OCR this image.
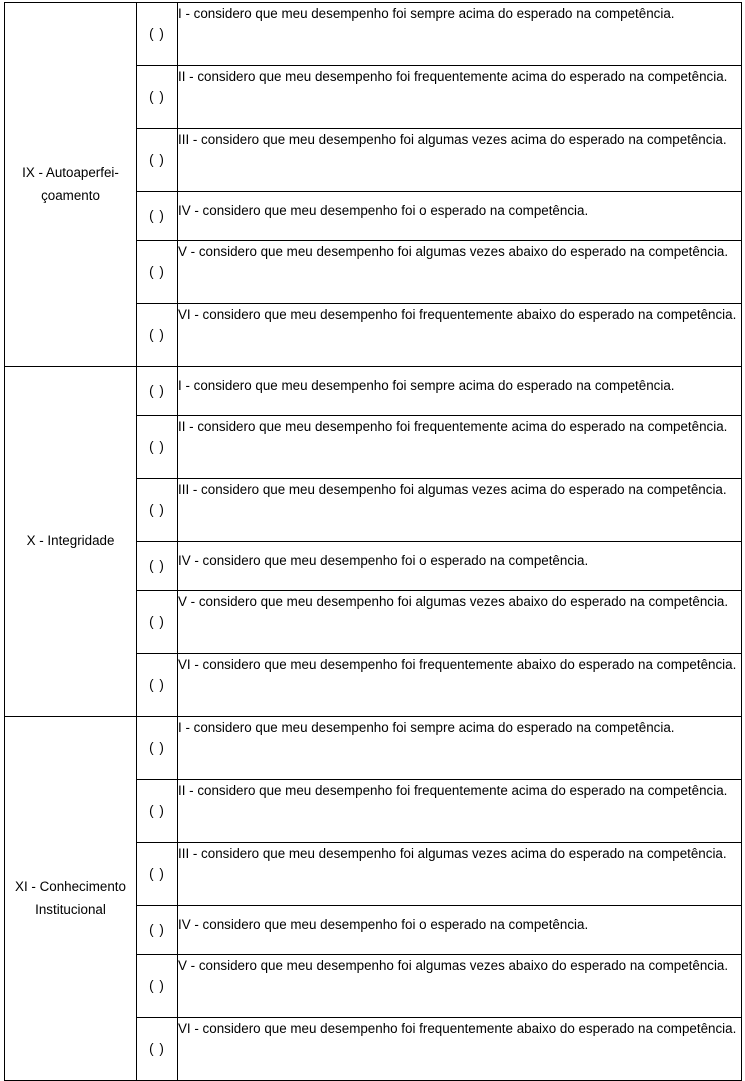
IX - Autoaperfei-çoamento	( )	I - considero que meu desempenho foi sempre acima do esperado na competência.
	( )	II - considero que meu desempenho foi frequentemente acima do esperado na competência.
	( )	III - considero que meu desempenho foi algumas vezes acima do esperado na competência.
	( )	IV - considero que meu desempenho foi o esperado na competência.
	( )	V - considero que meu desempenho foi algumas vezes abaixo do esperado na competência.
	( )	VI - considero que meu desempenho foi frequentemente abaixo do esperado na competência.
X - Integridade	( )	I - considero que meu desempenho foi sempre acima do esperado na competência.
	( )	II - considero que meu desempenho foi frequentemente acima do esperado na competência.
	( )	III - considero que meu desempenho foi algumas vezes acima do esperado na competência.
	( )	IV - considero que meu desempenho foi o esperado na competência.
	( )	V - considero que meu desempenho foi algumas vezes abaixo do esperado na competência.
	( )	VI - considero que meu desempenho foi frequentemente abaixo do esperado na competência.
XI - Conhecimento Institucional	( )	I - considero que meu desempenho foi sempre acima do esperado na competência.
	( )	II - considero que meu desempenho foi frequentemente acima do esperado na competência.
	( )	III - considero que meu desempenho foi algumas vezes acima do esperado na competência.
	( )	IV - considero que meu desempenho foi o esperado na competência.
	( )	V - considero que meu desempenho foi algumas vezes abaixo do esperado na competência.
	( )	VI - considero que meu desempenho foi frequentemente abaixo do esperado na competência.
